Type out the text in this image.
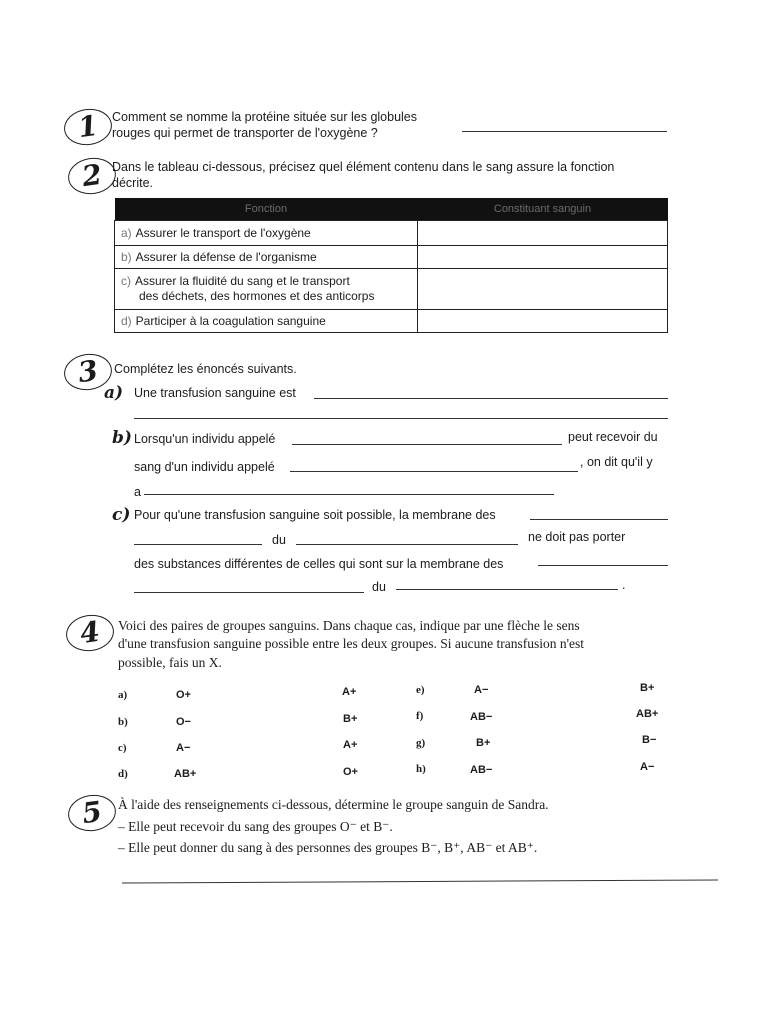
1 Comment se nomme la protéine située sur les globules
rouges qui permet de transporter de l'oxygène ?
2 Dans le tableau ci-dessous, précisez quel élément contenu dans le sang assure la fonction
décrite.
Fonction	Constituant sanguin
a) Assurer le transport de l'oxygène	
b) Assurer la défense de l'organisme	
c) Assurer la fluidité du sang et le transport
des déchets, des hormones et des anticorps	
d) Participer à la coagulation sanguine	
3	Complétez les énoncés suivants.
a) Une transfusion sanguine est
b) Lorsqu'un individu appelé	peut recevoir du
sang d'un individu appelé	, on dit qu'il y
a
c) Pour qu'une transfusion sanguine soit possible, la membrane des
du	ne doit pas porter
des substances différentes de celles qui sont sur la membrane des
du	.
4	Voici des paires de groupes sanguins. Dans chaque cas, indique par une flèche le sens
d'une transfusion sanguine possible entre les deux groupes. Si aucune transfusion n'est
possible, fais un X.
a)	O+	A+
b)	O−	B+
c)	A−	A+
d)	AB+	O+
e)	A−	B+
f)	AB−	AB+
g)	B+	B−
h)	AB−	A−
5	À l'aide des renseignements ci-dessous, détermine le groupe sanguin de Sandra.
– Elle peut recevoir du sang des groupes O⁻ et B⁻.
– Elle peut donner du sang à des personnes des groupes B⁻, B⁺, AB⁻ et AB⁺.
